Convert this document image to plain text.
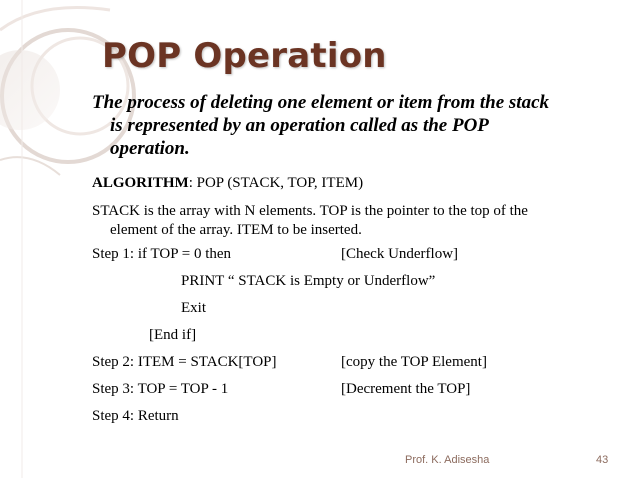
POP Operation
The process of deleting one element or item from the stack
is represented by an operation called as the POP
operation.
ALGORITHM: POP (STACK, TOP, ITEM)
STACK is the array with N elements. TOP is the pointer to the top of the
element of the array. ITEM to be inserted.
Step 1: if TOP = 0 then	[Check Underflow]
PRINT “ STACK is Empty or Underflow”
Exit
[End if]
Step 2: ITEM = STACK[TOP]	[copy the TOP Element]
Step 3: TOP = TOP - 1	[Decrement the TOP]
Step 4: Return
Prof. K. Adisesha	43
